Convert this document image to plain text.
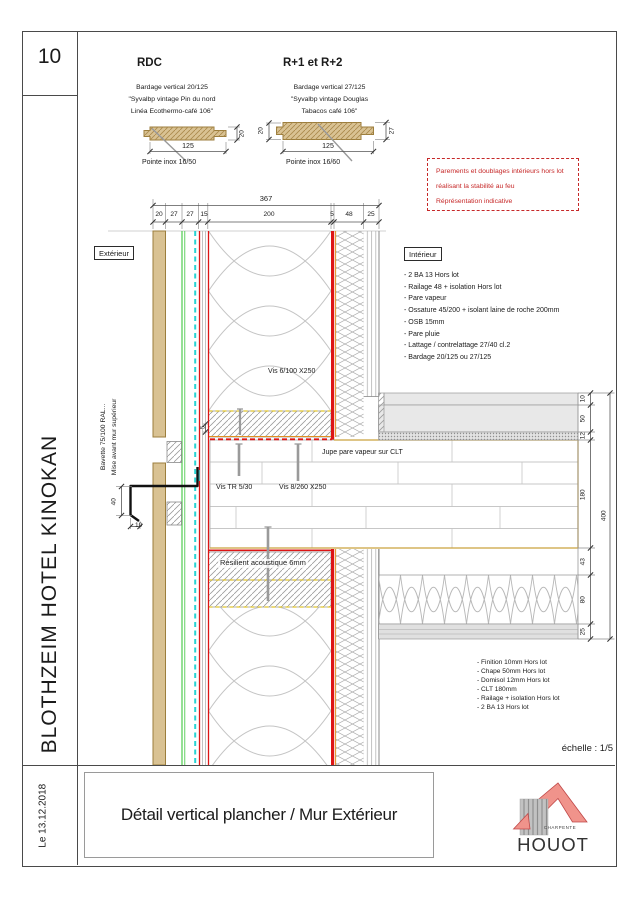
10
BLOTHZEIM HOTEL KINOKAN
Le 13.12.2018	Détail vertical plancher / Mur Extérieur
CHARPENTE
HOUOT
RDC
Bardage vertical 20/125
"Syvalbp vintage Pin du nord
Linéa Ecothermo-café 106"
125
20
Pointe inox 16/50
R+1 et R+2
Bardage vertical 27/125
"Syvalbp vintage Douglas
Tabacos café 106"
20	27
125
Pointe inox 16/60
Parements et doublages intérieurs hors lot
réalisant la stabilité au feu
Réprésentation indicative
Extérieur	Intérieur
- 2 BA 13 Hors lot
- Railage 48 + isolation Hors lot
- Pare vapeur
- Ossature 45/200 + isolant laine de roche 200mm
- OSB 15mm
- Pare pluie
- Lattage / contrelattage 27/40 cl.2
- Bardage 20/125 ou 27/125
- Finition 10mm Hors lot
- Chape 50mm Hors lot
- Domisol 12mm Hors lot
- CLT 180mm
- Railage + isolation Hors lot
- 2 BA 13 Hors lot
Vis 6/100 X250
Jupe pare vapeur sur CLT
Vis TR 5/30	Vis 8/260 X250
Résilient acoustique 6mm
Bavette 75/100 RAL... Mise avant mur supérieur
367
20	27	27	15	200	5	48	25
10
50
12
180
43
80
25
400
40
10
5
échelle : 1/5
